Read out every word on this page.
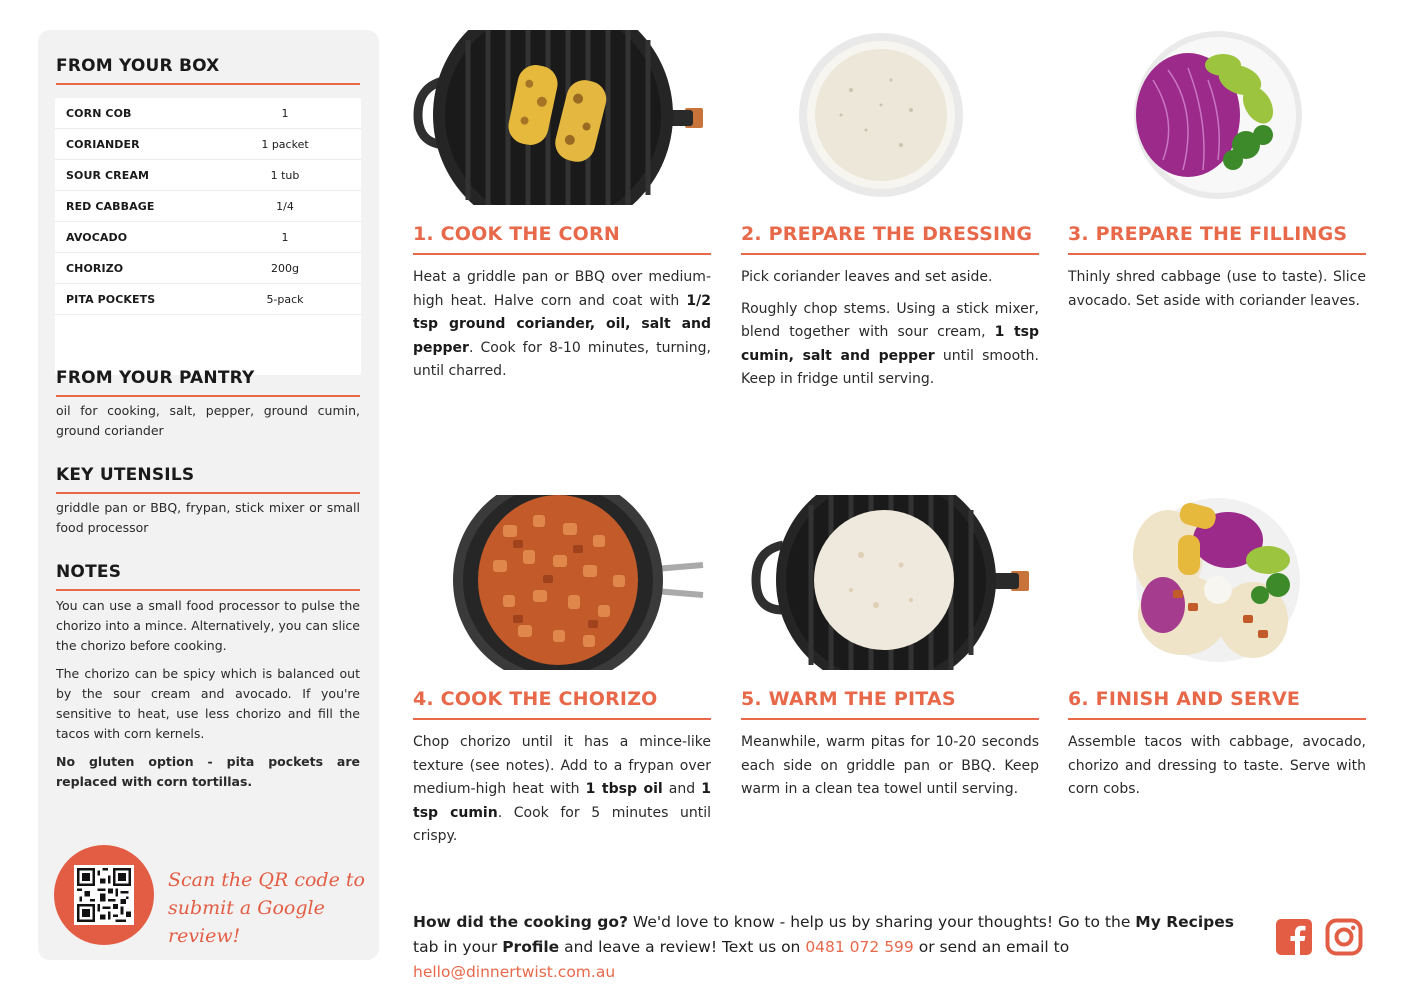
FROM YOUR BOX
CORN COB	1
CORIANDER	1 packet
SOUR CREAM	1 tub
RED CABBAGE	1/4
AVOCADO	1
CHORIZO	200g
PITA POCKETS	5-pack
FROM YOUR PANTRY
oil for cooking, salt, pepper, ground cumin, ground coriander
KEY UTENSILS
griddle pan or BBQ, frypan, stick mixer or small food processor
NOTES

You can use a small food processor to pulse the chorizo into a mince. Alternatively, you can slice the chorizo before cooking.

The chorizo can be spicy which is balanced out by the sour cream and avocado. If you're sensitive to heat, use less chorizo and fill the tacos with corn kernels.

No gluten option - pita pockets are replaced with corn tortillas.

Scan the QR code to
submit a Google review!
1. COOK THE CORN

Heat a griddle pan or BBQ over medium-high heat. Halve corn and coat with 1/2 tsp ground coriander, oil, salt and pepper. Cook for 8-10 minutes, turning, until charred.

2. PREPARE THE DRESSING

Pick coriander leaves and set aside.

Roughly chop stems. Using a stick mixer, blend together with sour cream, 1 tsp cumin, salt and pepper until smooth. Keep in fridge until serving.

3. PREPARE THE FILLINGS

Thinly shred cabbage (use to taste). Slice avocado. Set aside with coriander leaves.

4. COOK THE CHORIZO

Chop chorizo until it has a mince-like texture (see notes). Add to a frypan over medium-high heat with 1 tbsp oil and 1 tsp cumin. Cook for 5 minutes until crispy.

5. WARM THE PITAS

Meanwhile, warm pitas for 10-20 seconds each side on griddle pan or BBQ. Keep warm in a clean tea towel until serving.

6. FINISH AND SERVE

Assemble tacos with cabbage, avocado, chorizo and dressing to taste. Serve with corn cobs.

How did the cooking go? We'd love to know - help us by sharing your thoughts! Go to the My Recipes tab in your Profile and leave a review! Text us on 0481 072 599 or send an email to hello@dinnertwist.com.au
